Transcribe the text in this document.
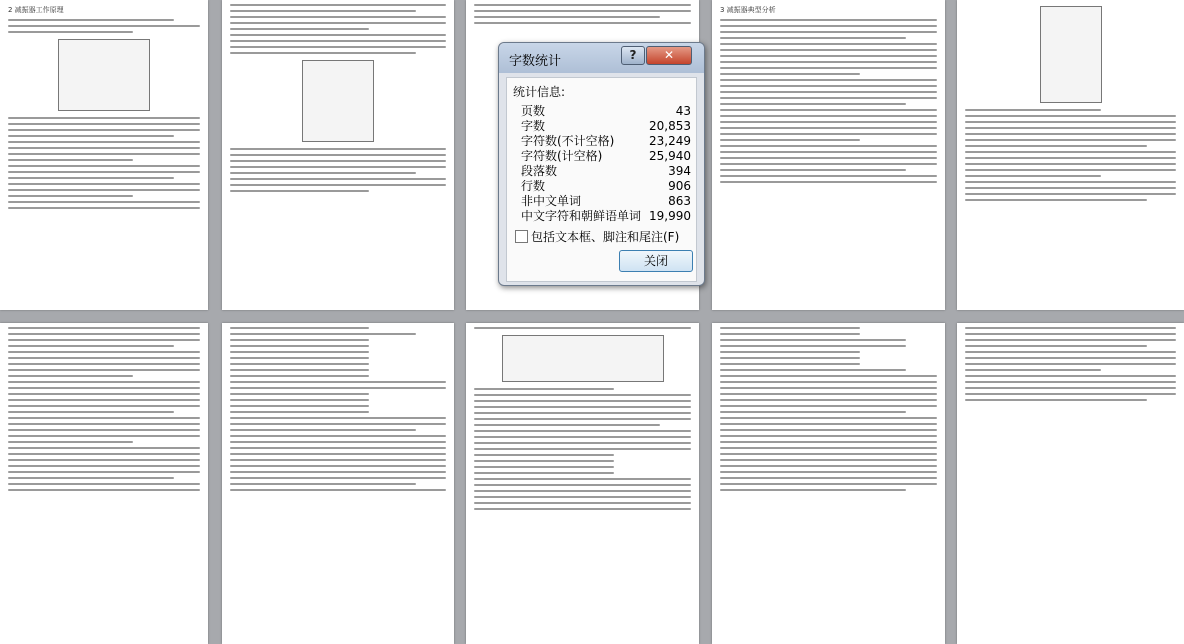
2 减振器工作原理	3 减振器典型分析
字数统计	?	✕
统计信息:
页数	43
字数	20,853
字符数(不计空格)	23,249
字符数(计空格)	25,940
段落数	394
行数	906
非中文单词	863
中文字符和朝鲜语单词 19,990
包括文本框、脚注和尾注(F)
关闭
